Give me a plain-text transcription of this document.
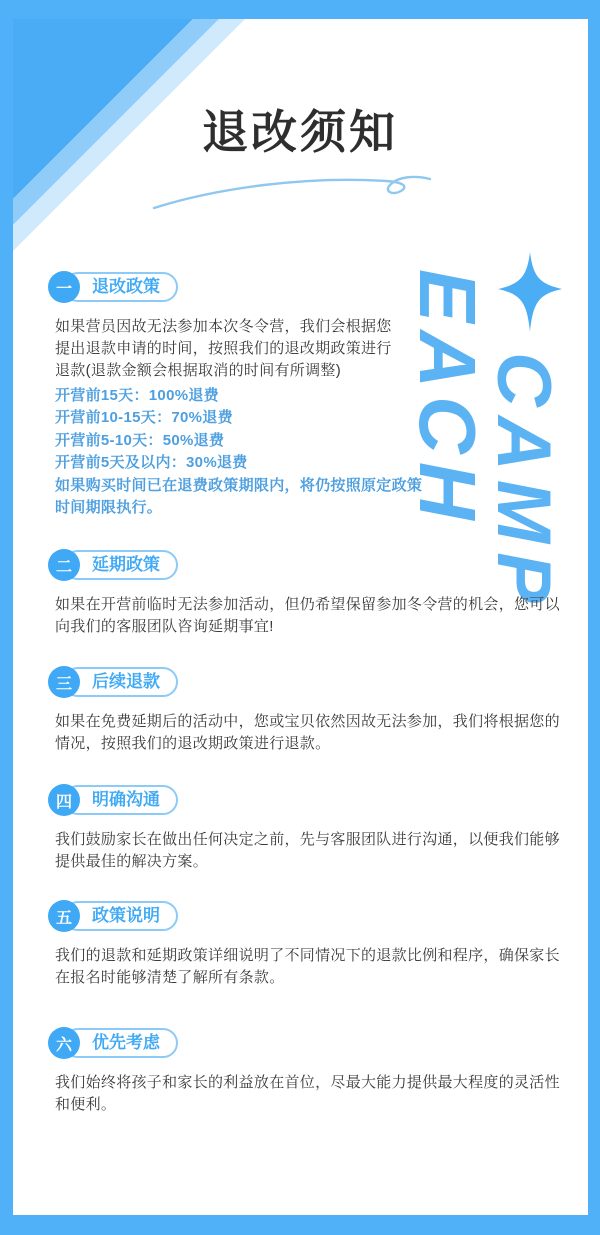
退改须知
EACH
CAMP
一	退改政策

如果营员因故无法参加本次冬令营，我们会根据您提出退款申请的时间，按照我们的退改期政策进行退款(退款金额会根据取消的时间有所调整)

开营前15天：100%退费
开营前10-15天：70%退费
开营前5-10天：50%退费
开营前5天及以内：30%退费
如果购买时间已在退费政策期限内，将仍按照原定政策时间期限执行。
二	延期政策

如果在开营前临时无法参加活动，但仍希望保留参加冬令营的机会，您可以向我们的客服团队咨询延期事宜!

三	后续退款

如果在免费延期后的活动中，您或宝贝依然因故无法参加，我们将根据您的情况，按照我们的退改期政策进行退款。

四	明确沟通

我们鼓励家长在做出任何决定之前，先与客服团队进行沟通，以便我们能够提供最佳的解决方案。

五	政策说明

我们的退款和延期政策详细说明了不同情况下的退款比例和程序，确保家长在报名时能够清楚了解所有条款。

六	优先考虑

我们始终将孩子和家长的利益放在首位，尽最大能力提供最大程度的灵活性和便利。
